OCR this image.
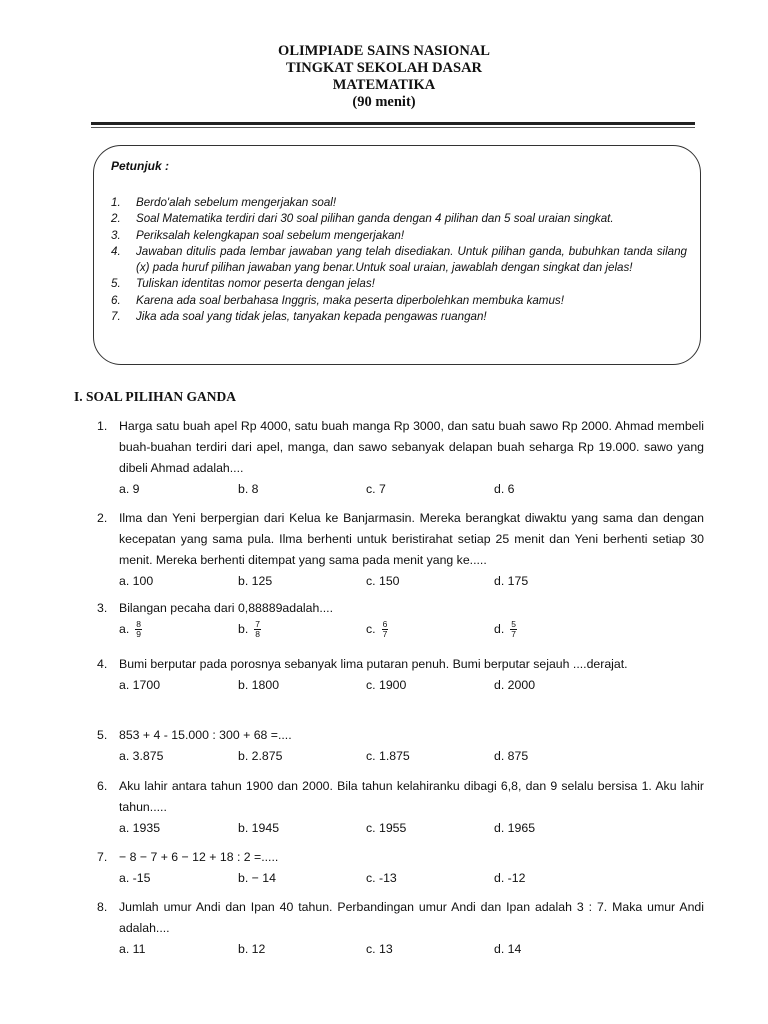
OLIMPIADE SAINS NASIONAL
TINGKAT SEKOLAH DASAR
MATEMATIKA
(90 menit)
Petunjuk :
1.	Berdo'alah sebelum mengerjakan soal!
2.	Soal Matematika terdiri dari 30 soal pilihan ganda dengan 4 pilihan dan 5 soal uraian singkat.
3.	Periksalah kelengkapan soal sebelum mengerjakan!
4.	Jawaban ditulis pada lembar jawaban yang telah disediakan. Untuk pilihan ganda, bubuhkan tanda silang (x) pada huruf pilihan jawaban yang benar.Untuk soal uraian, jawablah dengan singkat dan jelas!
5.	Tuliskan identitas nomor peserta dengan jelas!
6.	Karena ada soal berbahasa Inggris, maka peserta diperbolehkan membuka kamus!
7.	Jika ada soal yang tidak jelas, tanyakan kepada pengawas ruangan!
I. SOAL PILIHAN GANDA
1. Harga satu buah apel Rp 4000, satu buah manga Rp 3000, dan satu buah sawo Rp 2000. Ahmad membeli buah-buahan terdiri dari apel, manga, dan sawo sebanyak delapan buah seharga Rp 19.000. sawo yang dibeli Ahmad adalah....
a. 9	b. 8	c. 7	d. 6
2. Ilma dan Yeni berpergian dari Kelua ke Banjarmasin. Mereka berangkat diwaktu yang sama dan dengan kecepatan yang sama pula. Ilma berhenti untuk beristirahat setiap 25 menit dan Yeni berhenti setiap 30 menit. Mereka berhenti ditempat yang sama pada menit yang ke.....
a. 100	b. 125	c. 150	d. 175
3. Bilangan pecaha dari 0,88889adalah....
a. $\frac{8}{9}$	b. $\frac{7}{8}$	c. $\frac{6}{7}$	d. $\frac{5}{7}$
4. Bumi berputar pada porosnya sebanyak lima putaran penuh. Bumi berputar sejauh ....derajat.
a. 1700	b. 1800	c. 1900	d. 2000
5. 853 + 4 - 15.000 : 300 + 68 =....
a. 3.875	b. 2.875	c. 1.875	d. 875
6. Aku lahir antara tahun 1900 dan 2000. Bila tahun kelahiranku dibagi 6,8, dan 9 selalu bersisa 1. Aku lahir tahun.....
a. 1935	b. 1945	c. 1955	d. 1965
7. − 8 − 7 + 6 − 12 + 18 : 2 =.....
a. -15	b. − 14	c. -13	d. -12
8. Jumlah umur Andi dan Ipan 40 tahun. Perbandingan umur Andi dan Ipan adalah 3 : 7. Maka umur Andi adalah....
a. 11	b. 12	c. 13	d. 14
